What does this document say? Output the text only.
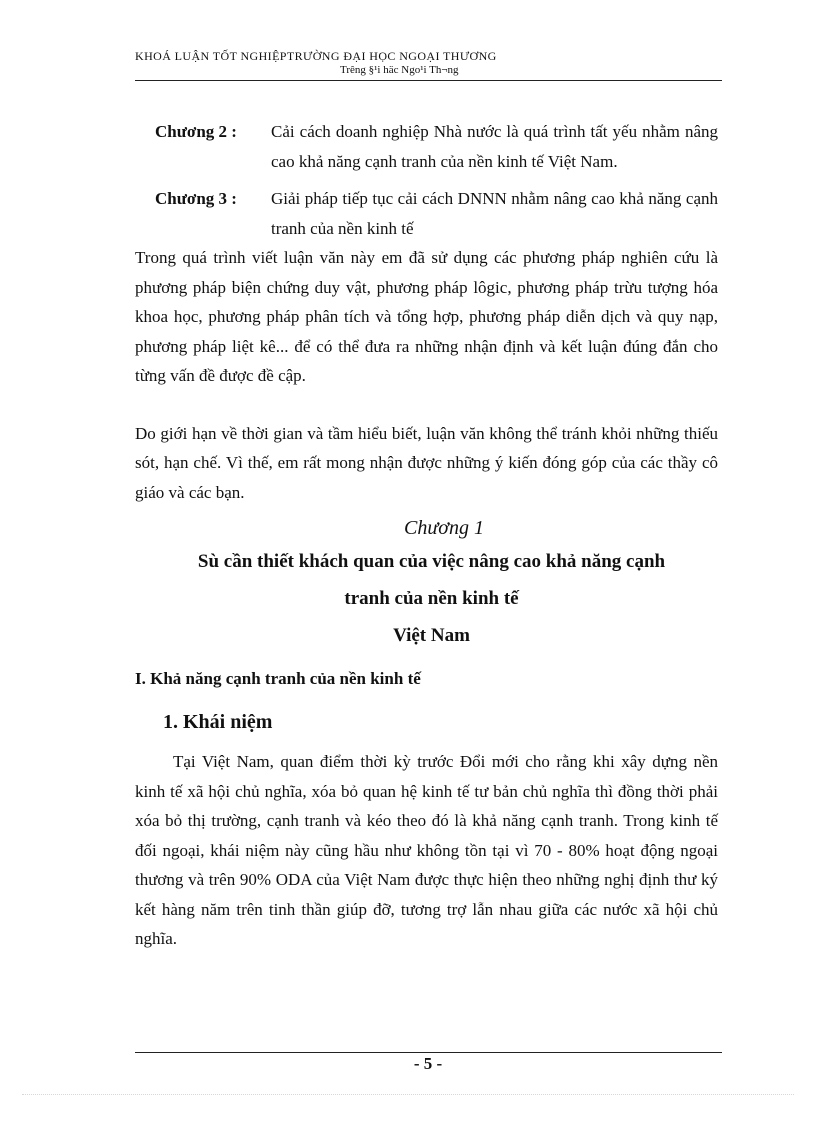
KHOÁ LUẬN TỐT NGHIỆPTRƯỜNG ĐẠI HỌC NGOẠI THƯƠNG
Trêng §¹i häc Ngo¹i Th¬ng
Chương 2 :	Cải cách doanh nghiệp Nhà nước là quá trình tất yếu nhằm nâng cao khả năng cạnh tranh của nền kinh tế Việt Nam.
Chương 3 :	Giải pháp tiếp tục cải cách DNNN nhằm nâng cao khả năng cạnh tranh của nền kinh tế

Trong quá trình viết luận văn này em đã sử dụng các phương pháp nghiên cứu là phương pháp biện chứng duy vật, phương pháp lôgic, phương pháp trừu tượng hóa khoa học, phương pháp phân tích và tổng hợp, phương pháp diễn dịch và quy nạp, phương pháp liệt kê... để có thể đưa ra những nhận định và kết luận đúng đắn cho từng vấn đề được đề cập.

Do giới hạn về thời gian và tầm hiểu biết, luận văn không thể tránh khỏi những thiếu sót, hạn chế. Vì thế, em rất mong nhận được những ý kiến đóng góp của các thầy cô giáo và các bạn.

Chương 1
Sù cần thiết khách quan của việc nâng cao khả năng cạnh
tranh của nền kinh tế
Việt Nam
I. Khả năng cạnh tranh của nền kinh tế
1. Khái niệm

Tại Việt Nam, quan điểm thời kỳ trước Đổi mới cho rằng khi xây dựng nền kinh tế xã hội chủ nghĩa, xóa bỏ quan hệ kinh tế tư bản chủ nghĩa thì đồng thời phải xóa bỏ thị trường, cạnh tranh và kéo theo đó là khả năng cạnh tranh. Trong kinh tế đối ngoại, khái niệm này cũng hầu như không tồn tại vì 70 - 80% hoạt động ngoại thương và trên 90% ODA của Việt Nam được thực hiện theo những nghị định thư ký kết hàng năm trên tinh thần giúp đỡ, tương trợ lẫn nhau giữa các nước xã hội chủ nghĩa.

- 5 -
